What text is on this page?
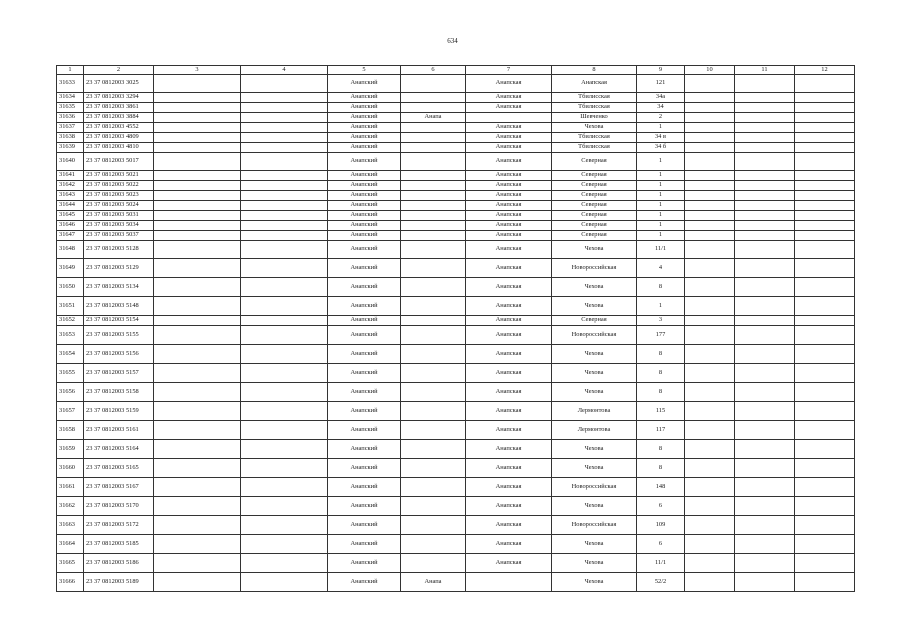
634
1	2	3	4	5	6	7	8	9	10	11	12
31633	23 37 0812003 3025			Анапский		Анапская	Анапская	121			
31634	23 37 0812003 3294			Анапский		Анапская	Тбилисская	34а			
31635	23 37 0812003 3861			Анапский		Анапская	Тбилисская	34			
31636	23 37 0812003 3884			Анапский	Анапа		Шевченко	2			
31637	23 37 0812003 4552			Анапский		Анапская	Чехова	1			
31638	23 37 0812003 4809			Анапский		Анапская	Тбилисская	34 в			
31639	23 37 0812003 4810			Анапский		Анапская	Тбилисская	34 б			
31640	23 37 0812003 5017			Анапский		Анапская	Северная	1			
31641	23 37 0812003 5021			Анапский		Анапская	Северная	1			
31642	23 37 0812003 5022			Анапский		Анапская	Северная	1			
31643	23 37 0812003 5023			Анапский		Анапская	Северная	1			
31644	23 37 0812003 5024			Анапский		Анапская	Северная	1			
31645	23 37 0812003 5031			Анапский		Анапская	Северная	1			
31646	23 37 0812003 5034			Анапский		Анапская	Северная	1			
31647	23 37 0812003 5037			Анапский		Анапская	Северная	1			
31648	23 37 0812003 5128			Анапский		Анапская	Чехова	11/1			
31649	23 37 0812003 5129			Анапский		Анапская	Новороссийская	4			
31650	23 37 0812003 5134			Анапский		Анапская	Чехова	8			
31651	23 37 0812003 5148			Анапский		Анапская	Чехова	1			
31652	23 37 0812003 5154			Анапский		Анапская	Северная	3			
31653	23 37 0812003 5155			Анапский		Анапская	Новороссийская	177			
31654	23 37 0812003 5156			Анапский		Анапская	Чехова	8			
31655	23 37 0812003 5157			Анапский		Анапская	Чехова	8			
31656	23 37 0812003 5158			Анапский		Анапская	Чехова	8			
31657	23 37 0812003 5159			Анапский		Анапская	Лермонтова	115			
31658	23 37 0812003 5161			Анапский		Анапская	Лермонтова	117			
31659	23 37 0812003 5164			Анапский		Анапская	Чехова	8			
31660	23 37 0812003 5165			Анапский		Анапская	Чехова	8			
31661	23 37 0812003 5167			Анапский		Анапская	Новороссийская	148			
31662	23 37 0812003 5170			Анапский		Анапская	Чехова	6			
31663	23 37 0812003 5172			Анапский		Анапская	Новороссийская	109			
31664	23 37 0812003 5185			Анапский		Анапская	Чехова	6			
31665	23 37 0812003 5186			Анапский		Анапская	Чехова	11/1			
31666	23 37 0812003 5189			Анапский	Анапа		Чехова	52/2			
